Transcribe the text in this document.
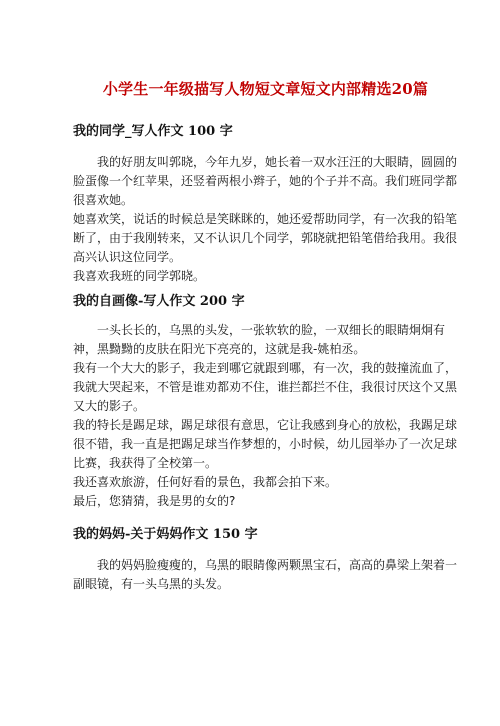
小学生一年级描写人物短文章短文内部精选20篇
我的同学_写人作文 100 字

我的好朋友叫郭晓，今年九岁，她长着一双水汪汪的大眼睛，圆圆的脸蛋像一个红苹果，还竖着两根小辫子，她的个子并不高。我们班同学都很喜欢她。

她喜欢笑，说话的时候总是笑眯眯的，她还爱帮助同学，有一次我的铅笔断了，由于我刚转来，又不认识几个同学，郭晓就把铅笔借给我用。我很高兴认识这位同学。

我喜欢我班的同学郭晓。

我的自画像-写人作文 200 字

一头长长的，乌黑的头发，一张软软的脸，一双细长的眼睛炯炯有神，黑黝黝的皮肤在阳光下亮亮的，这就是我-姚柏丞。

我有一个大大的影子，我走到哪它就跟到哪，有一次，我的鼓撞流血了，我就大哭起来，不管是谁劝都劝不住，谁拦都拦不住，我很讨厌这个又黑又大的影子。

我的特长是踢足球，踢足球很有意思，它让我感到身心的放松，我踢足球很不错，我一直是把踢足球当作梦想的，小时候，幼儿园举办了一次足球比赛，我获得了全校第一。

我还喜欢旅游，任何好看的景色，我都会拍下来。

最后，您猜猜，我是男的女的?

我的妈妈-关于妈妈作文 150 字

我的妈妈脸瘦瘦的，乌黑的眼睛像两颗黑宝石，高高的鼻梁上架着一副眼镜，有一头乌黑的头发。
